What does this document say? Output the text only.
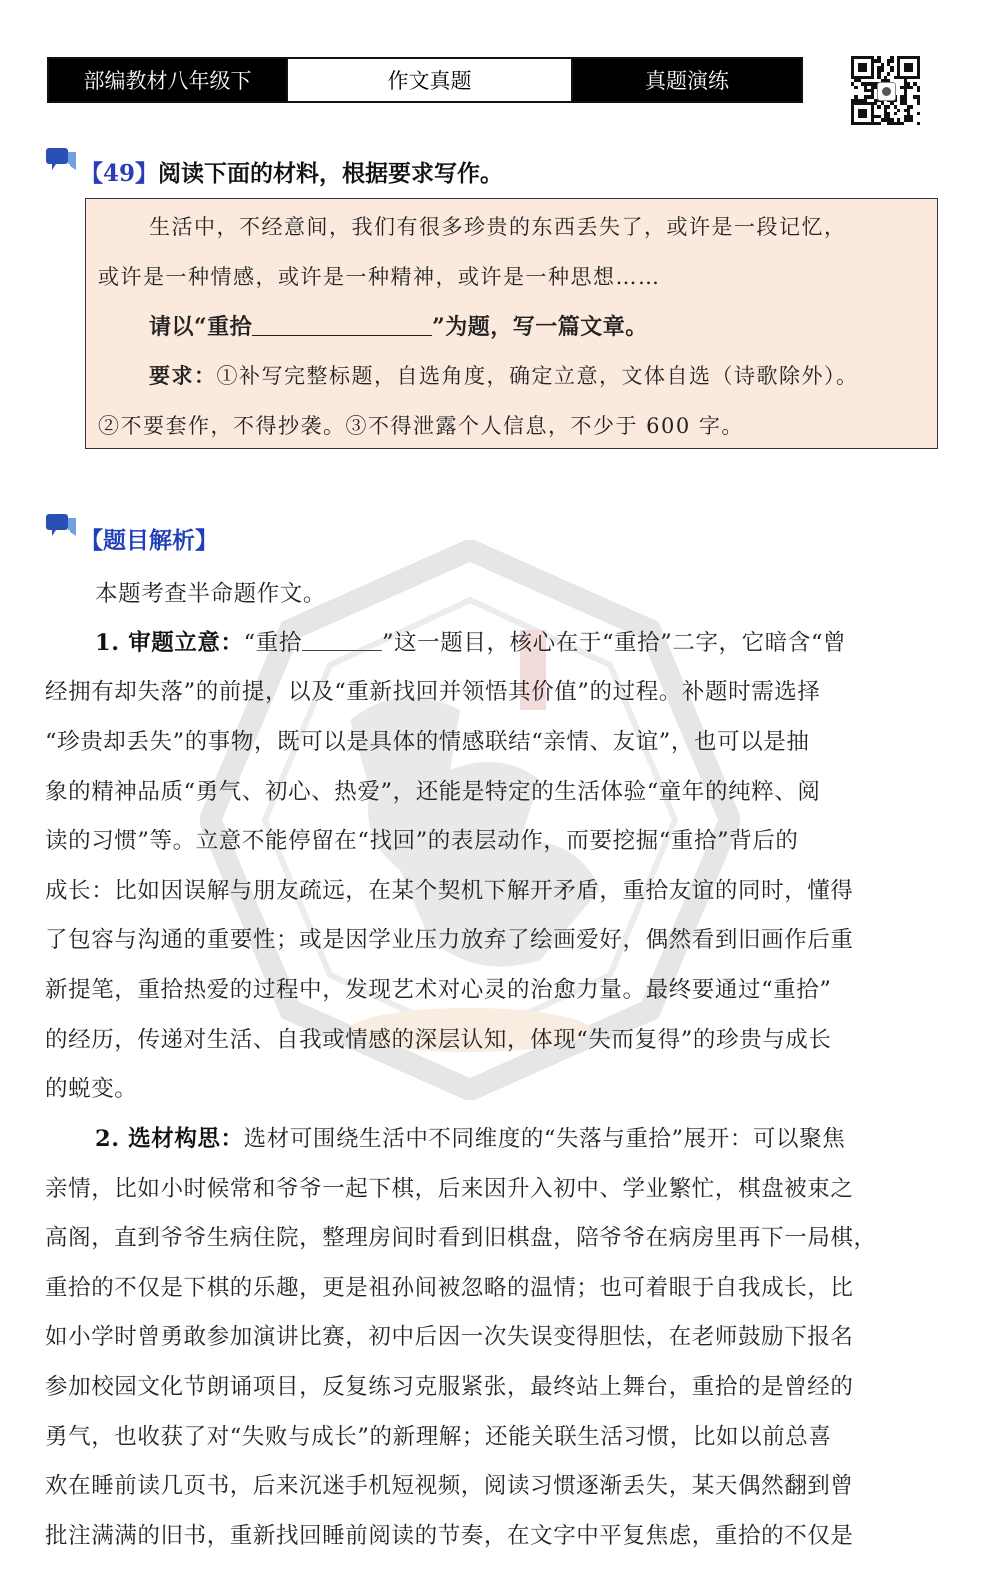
部编教材八年级下	作文真题	真题演练
【49】阅读下面的材料，根据要求写作。
生活中，不经意间，我们有很多珍贵的东西丢失了，或许是一段记忆，
或许是一种情感，或许是一种精神，或许是一种思想……
请以“重拾	”为题，写一篇文章。
要求：①补写完整标题，自选角度，确定立意，文体自选（诗歌除外）。
②不要套作，不得抄袭。③不得泄露个人信息，不少于 600 字。
【题目解析】
本题考查半命题作文。
1. 审题立意：“重拾	”这一题目，核心在于“重拾”二字，它暗含“曾
经拥有却失落”的前提，以及“重新找回并领悟其价值”的过程。补题时需选择
“珍贵却丢失”的事物，既可以是具体的情感联结“亲情、友谊”，也可以是抽
象的精神品质“勇气、初心、热爱”，还能是特定的生活体验“童年的纯粹、阅
读的习惯”等。立意不能停留在“找回”的表层动作，而要挖掘“重拾”背后的
成长：比如因误解与朋友疏远，在某个契机下解开矛盾，重拾友谊的同时，懂得
了包容与沟通的重要性；或是因学业压力放弃了绘画爱好，偶然看到旧画作后重
新提笔，重拾热爱的过程中，发现艺术对心灵的治愈力量。最终要通过“重拾”
的经历，传递对生活、自我或情感的深层认知，体现“失而复得”的珍贵与成长
的蜕变。
2. 选材构思：选材可围绕生活中不同维度的“失落与重拾”展开：可以聚焦
亲情，比如小时候常和爷爷一起下棋，后来因升入初中、学业繁忙，棋盘被束之
高阁，直到爷爷生病住院，整理房间时看到旧棋盘，陪爷爷在病房里再下一局棋，
重拾的不仅是下棋的乐趣，更是祖孙间被忽略的温情；也可着眼于自我成长，比
如小学时曾勇敢参加演讲比赛，初中后因一次失误变得胆怯，在老师鼓励下报名
参加校园文化节朗诵项目，反复练习克服紧张，最终站上舞台，重拾的是曾经的
勇气，也收获了对“失败与成长”的新理解；还能关联生活习惯，比如以前总喜
欢在睡前读几页书，后来沉迷手机短视频，阅读习惯逐渐丢失，某天偶然翻到曾
批注满满的旧书，重新找回睡前阅读的节奏，在文字中平复焦虑，重拾的不仅是
